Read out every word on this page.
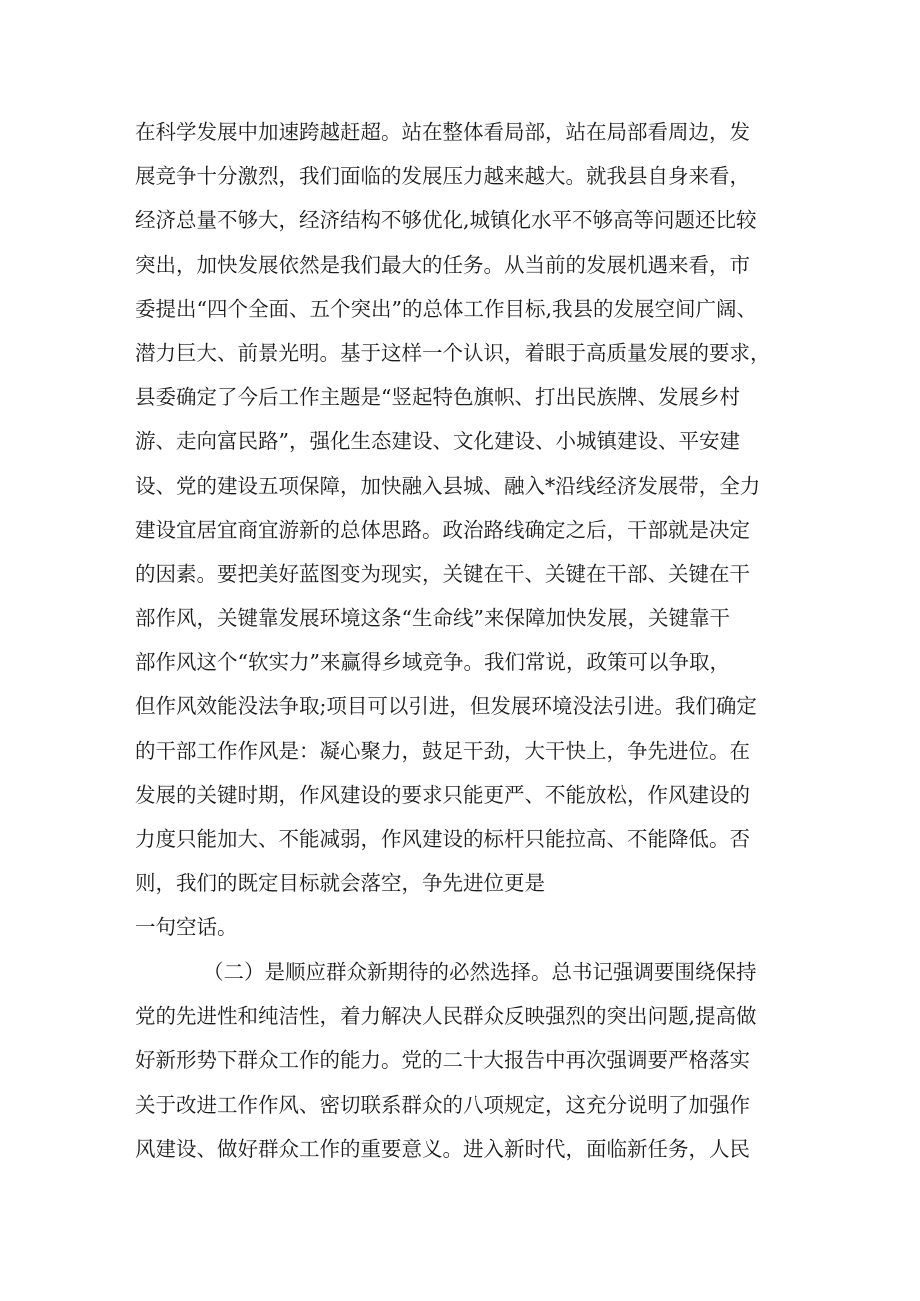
在科学发展中加速跨越赶超。站在整体看局部，站在局部看周边，发
展竞争十分激烈，我们面临的发展压力越来越大。就我县自身来看，
经济总量不够大，经济结构不够优化,城镇化水平不够高等问题还比较
突出，加快发展依然是我们最大的任务。从当前的发展机遇来看，市
委提出“四个全面、五个突出”的总体工作目标,我县的发展空间广阔、
潜力巨大、前景光明。基于这样一个认识，着眼于高质量发展的要求，
县委确定了今后工作主题是“竖起特色旗帜、打出民族牌、发展乡村
游、走向富民路”，强化生态建设、文化建设、小城镇建设、平安建
设、党的建设五项保障，加快融入县城、融入*沿线经济发展带，全力
建设宜居宜商宜游新的总体思路。政治路线确定之后，干部就是决定
的因素。要把美好蓝图变为现实，关键在干、关键在干部、关键在干
部作风，关键靠发展环境这条“生命线”来保障加快发展，关键靠干
部作风这个“软实力”来赢得乡域竞争。我们常说，政策可以争取，
但作风效能没法争取;项目可以引进，但发展环境没法引进。我们确定
的干部工作作风是：凝心聚力，鼓足干劲，大干快上，争先进位。在
发展的关键时期，作风建设的要求只能更严、不能放松，作风建设的
力度只能加大、不能减弱，作风建设的标杆只能拉高、不能降低。否
则，我们的既定目标就会落空，争先进位更是
一句空话。
（二）是顺应群众新期待的必然选择。总书记强调要围绕保持
党的先进性和纯洁性，着力解决人民群众反映强烈的突出问题,提高做
好新形势下群众工作的能力。党的二十大报告中再次强调要严格落实
关于改进工作作风、密切联系群众的八项规定，这充分说明了加强作
风建设、做好群众工作的重要意义。进入新时代，面临新任务，人民
